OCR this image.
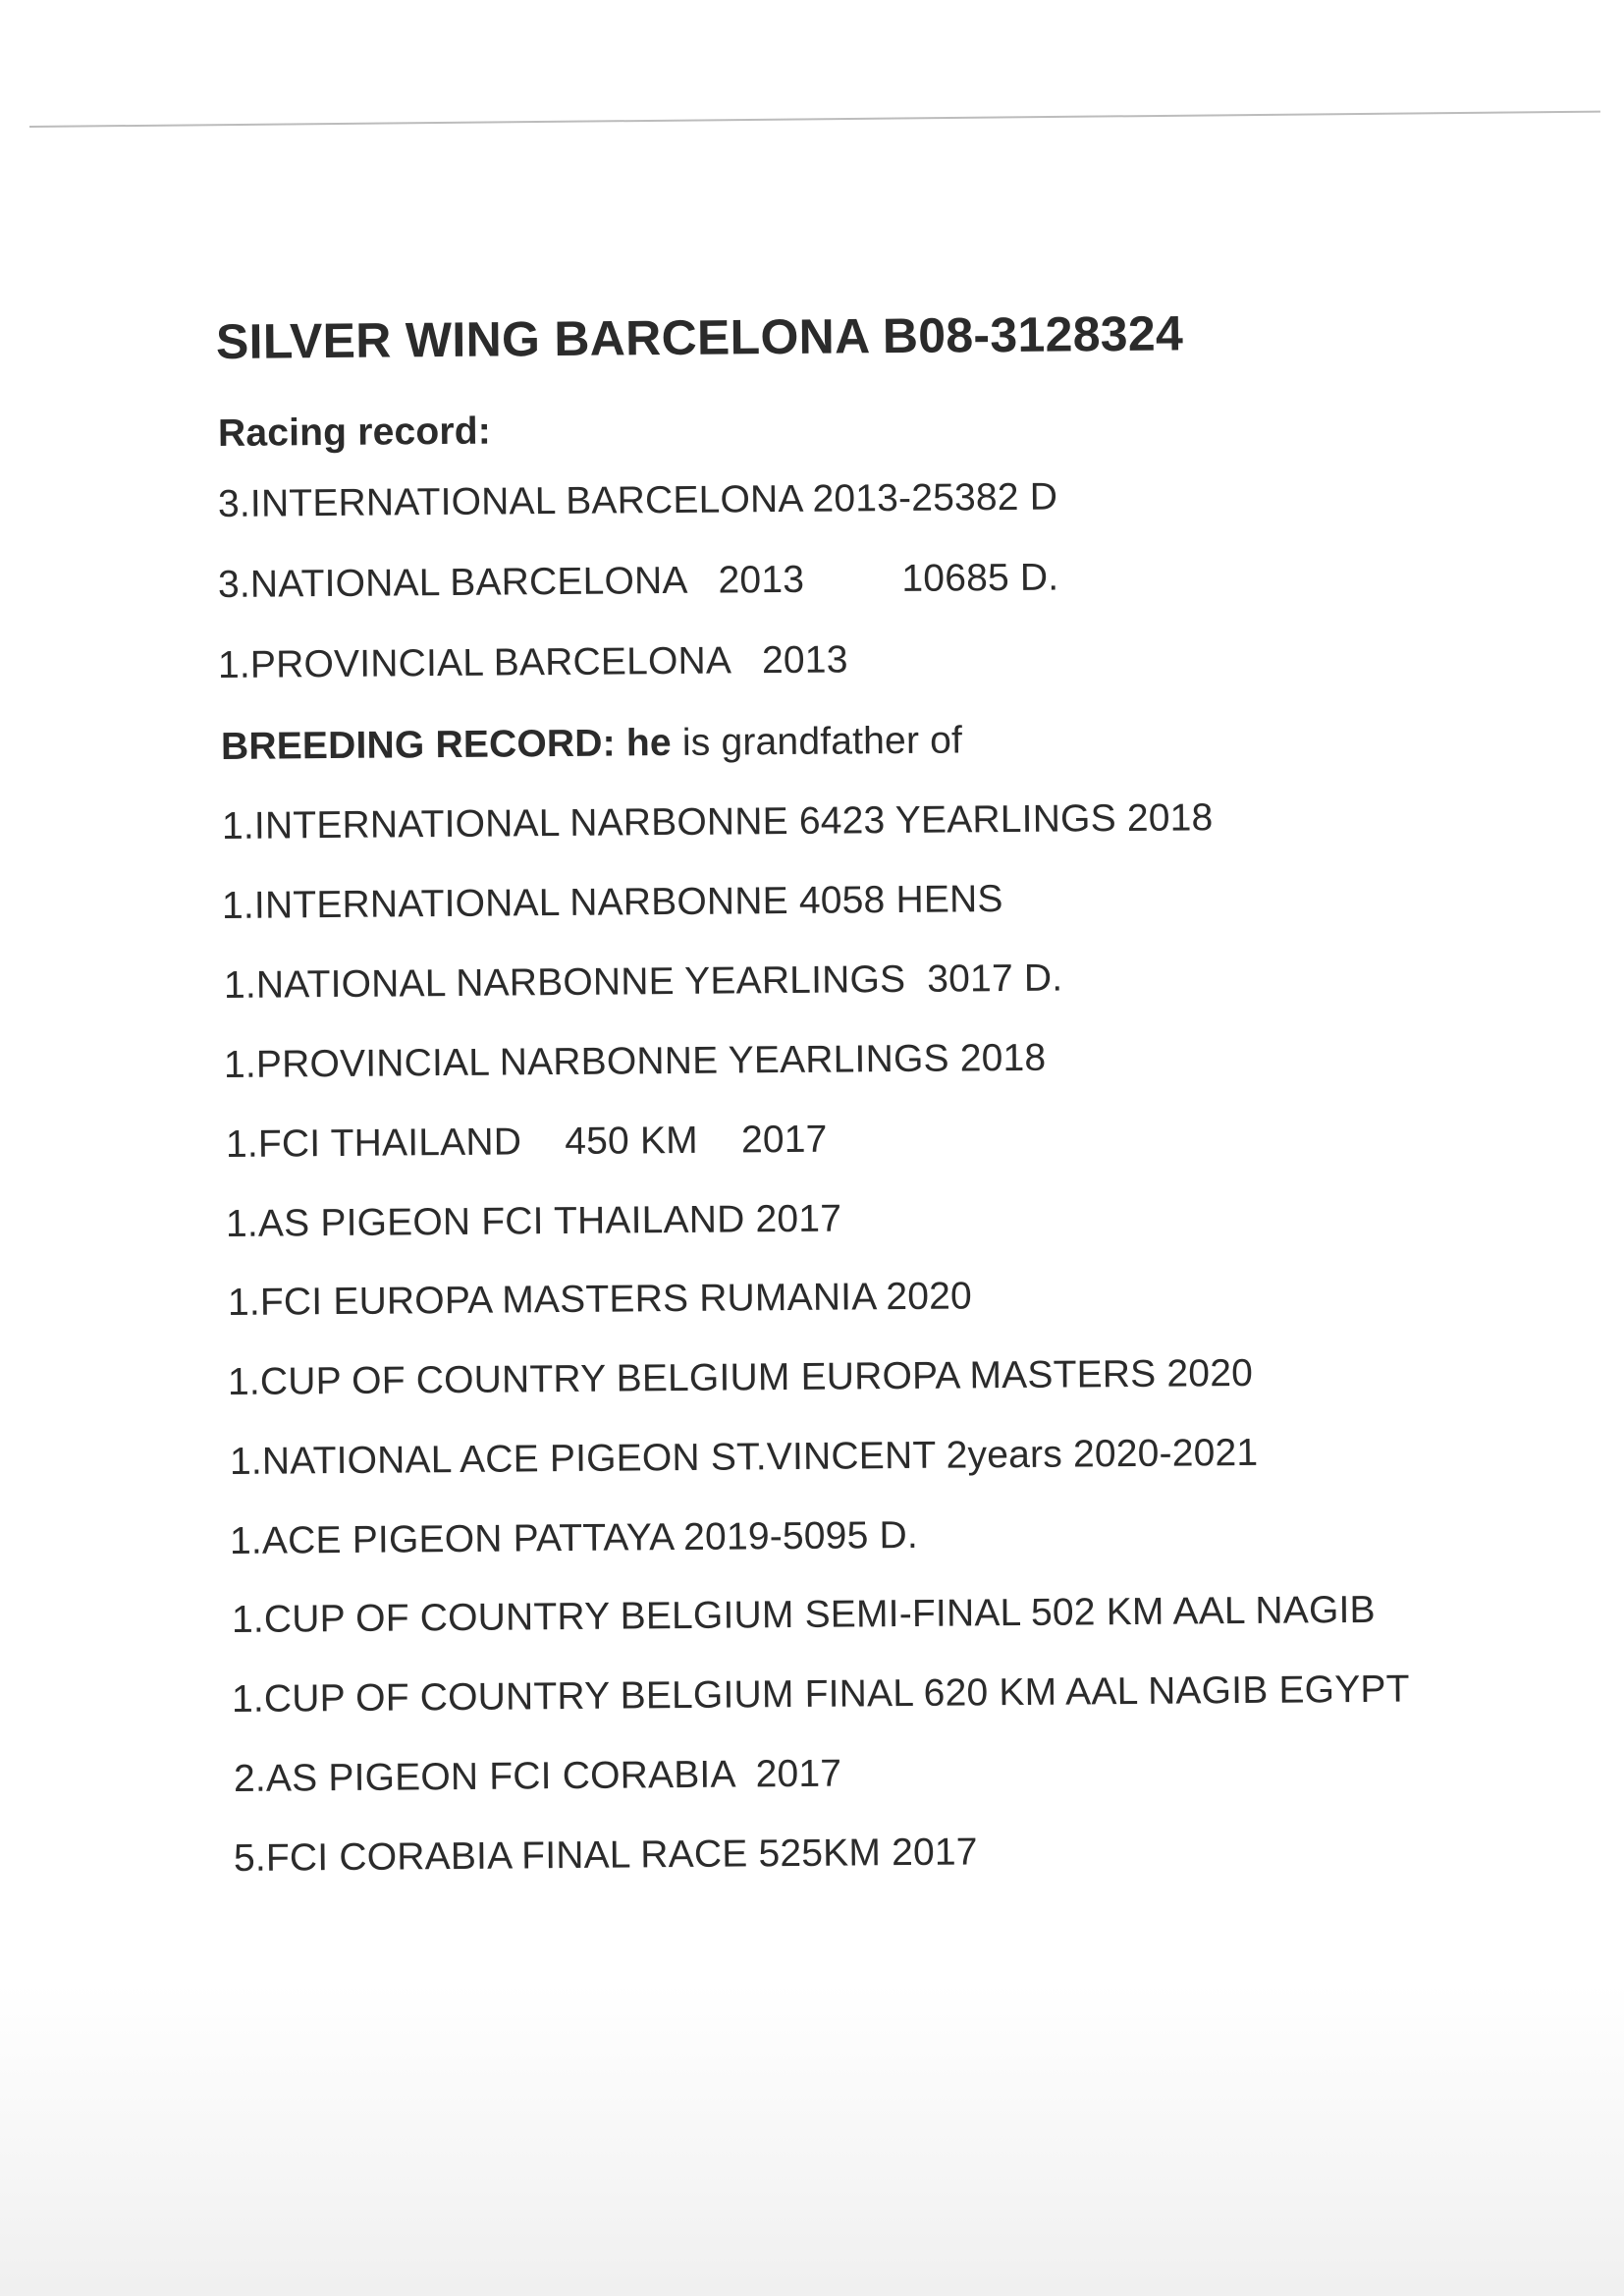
SILVER WING BARCELONA B08-3128324
Racing record:
3.INTERNATIONAL BARCELONA 2013-25382 D
3.NATIONAL BARCELONA   2013         10685 D.
1.PROVINCIAL BARCELONA   2013
BREEDING RECORD: he is grandfather of
1.INTERNATIONAL NARBONNE 6423 YEARLINGS 2018
1.INTERNATIONAL NARBONNE 4058 HENS
1.NATIONAL NARBONNE YEARLINGS  3017 D.
1.PROVINCIAL NARBONNE YEARLINGS 2018
1.FCI THAILAND    450 KM    2017
1.AS PIGEON FCI THAILAND 2017
1.FCI EUROPA MASTERS RUMANIA 2020
1.CUP OF COUNTRY BELGIUM EUROPA MASTERS 2020
1.NATIONAL ACE PIGEON ST.VINCENT 2years 2020-2021
1.ACE PIGEON PATTAYA 2019-5095 D.
1.CUP OF COUNTRY BELGIUM SEMI-FINAL 502 KM AAL NAGIB
1.CUP OF COUNTRY BELGIUM FINAL 620 KM AAL NAGIB EGYPT
2.AS PIGEON FCI CORABIA  2017
5.FCI CORABIA FINAL RACE 525KM 2017
